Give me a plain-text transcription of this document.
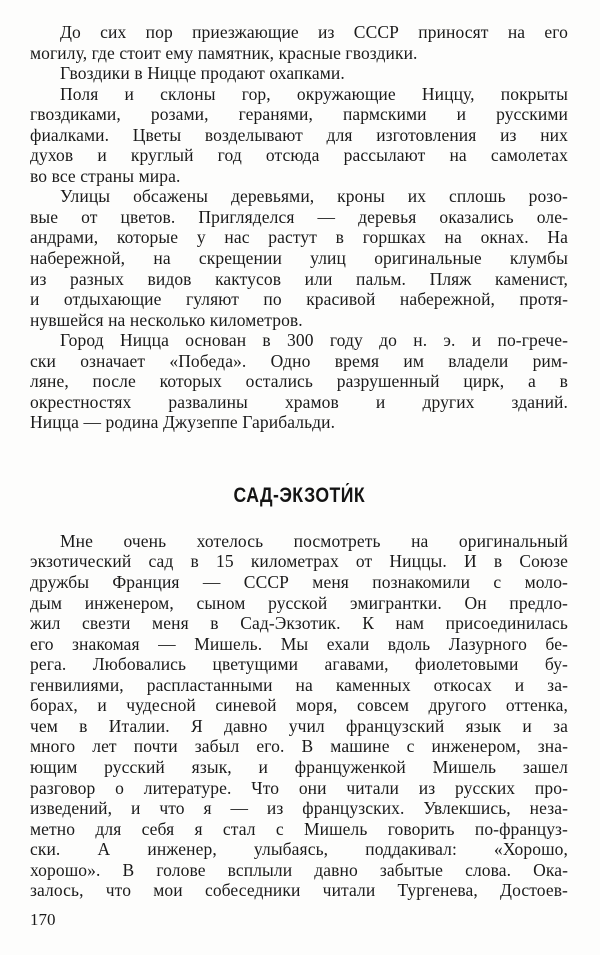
До сих пор приезжающие из СССР приносят на его
могилу, где стоит ему памятник, красные гвоздики.
Гвоздики в Ницце продают охапками.
Поля и склоны гор, окружающие Ниццу, покрыты
гвоздиками, розами, геранями, пармскими и русскими
фиалками. Цветы возделывают для изготовления из них
духов и круглый год отсюда рассылают на самолетах
во все страны мира.
Улицы обсажены деревьями, кроны их сплошь розо-
вые от цветов. Пригляделся — деревья оказались оле-
андрами, которые у нас растут в горшках на окнах. На
набережной, на скрещении улиц оригинальные клумбы
из разных видов кактусов или пальм. Пляж каменист,
и отдыхающие гуляют по красивой набережной, протя-
нувшейся на несколько километров.
Город Ницца основан в 300 году до н. э. и по-грече-
ски означает «Победа». Одно время им владели рим-
ляне, после которых остались разрушенный цирк, а в
окрестностях развалины храмов и других зданий.
Ницца — родина Джузеппе Гарибальди.
САД-ЭКЗОТИ́К
Мне очень хотелось посмотреть на оригинальный
экзотический сад в 15 километрах от Ниццы. И в Союзе
дружбы Франция — СССР меня познакомили с моло-
дым инженером, сыном русской эмигрантки. Он предло-
жил свезти меня в Сад-Экзотик. К нам присоединилась
его знакомая — Мишель. Мы ехали вдоль Лазурного бе-
рега. Любовались цветущими агавами, фиолетовыми бу-
генвилиями, распластанными на каменных откосах и за-
борах, и чудесной синевой моря, совсем другого оттенка,
чем в Италии. Я давно учил французский язык и за
много лет почти забыл его. В машине с инженером, зна-
ющим русский язык, и француженкой Мишель зашел
разговор о литературе. Что они читали из русских про-
изведений, и что я — из французских. Увлекшись, неза-
метно для себя я стал с Мишель говорить по-француз-
ски. А инженер, улыбаясь, поддакивал: «Хорошо,
хорошо». В голове всплыли давно забытые слова. Ока-
залось, что мои собеседники читали Тургенева, Достоев-
170
